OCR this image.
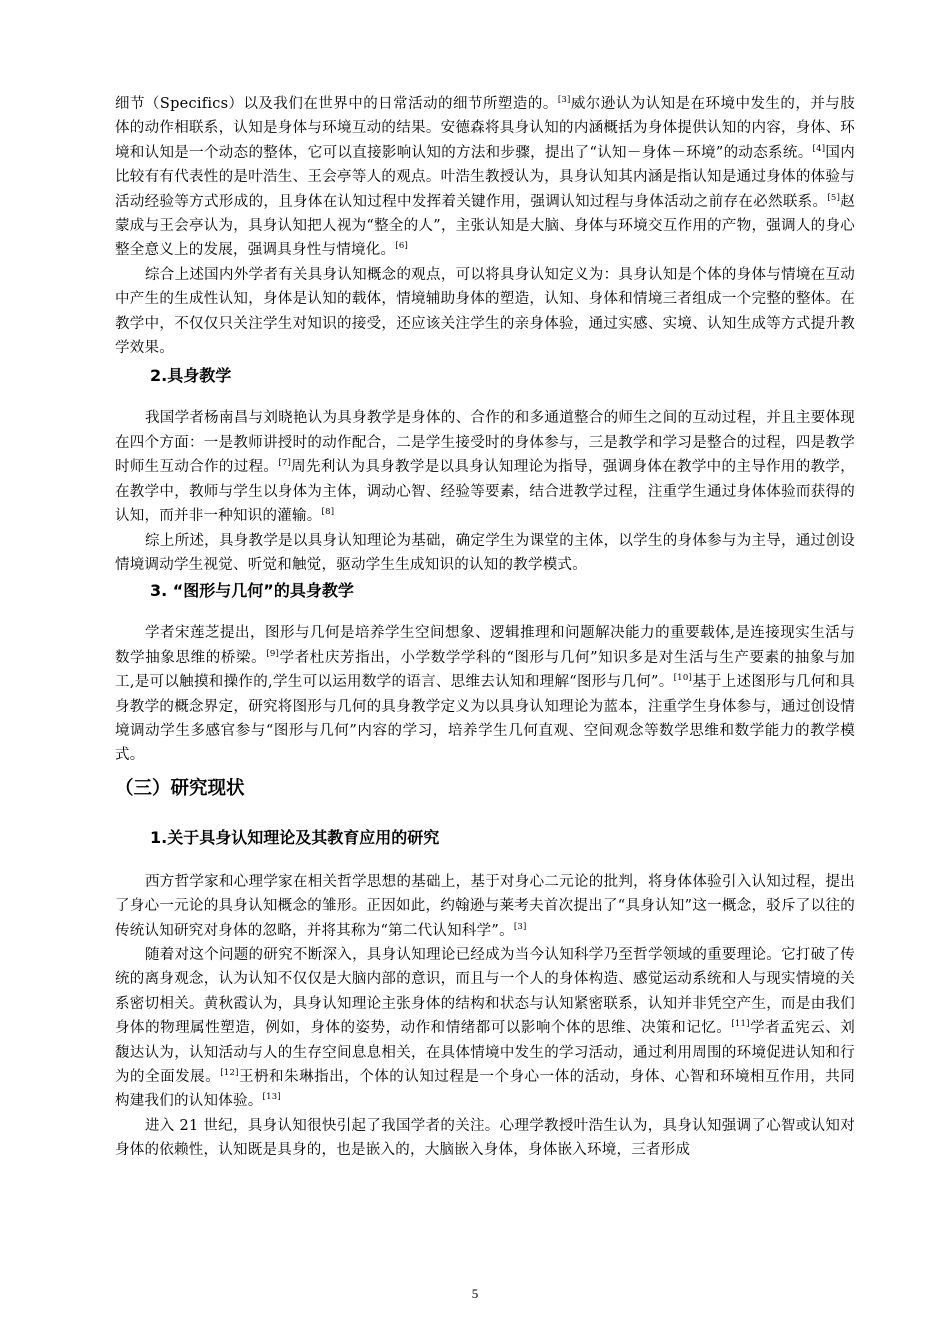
细节（Specifics）以及我们在世界中的日常活动的细节所塑造的。[3]威尔逊认为认知是在环境中发生的，并与肢体的动作相联系，认知是身体与环境互动的结果。安德森将具身认知的内涵概括为身体提供认知的内容，身体、环境和认知是一个动态的整体，它可以直接影响认知的方法和步骤，提出了“认知－身体－环境”的动态系统。[4]国内比较有有代表性的是叶浩生、王会亭等人的观点。叶浩生教授认为，具身认知其内涵是指认知是通过身体的体验与活动经验等方式形成的，且身体在认知过程中发挥着关键作用，强调认知过程与身体活动之前存在必然联系。[5]赵蒙成与王会亭认为，具身认知把人视为“整全的人”，主张认知是大脑、身体与环境交互作用的产物，强调人的身心整全意义上的发展，强调具身性与情境化。[6]

综合上述国内外学者有关具身认知概念的观点，可以将具身认知定义为：具身认知是个体的身体与情境在互动中产生的生成性认知，身体是认知的载体，情境辅助身体的塑造，认知、身体和情境三者组成一个完整的整体。在教学中，不仅仅只关注学生对知识的接受，还应该关注学生的亲身体验，通过实感、实境、认知生成等方式提升教学效果。

2.具身教学

我国学者杨南昌与刘晓艳认为具身教学是身体的、合作的和多通道整合的师生之间的互动过程，并且主要体现在四个方面：一是教师讲授时的动作配合，二是学生接受时的身体参与，三是教学和学习是整合的过程，四是教学时师生互动合作的过程。[7]周先利认为具身教学是以具身认知理论为指导，强调身体在教学中的主导作用的教学，在教学中，教师与学生以身体为主体，调动心智、经验等要素，结合进教学过程，注重学生通过身体体验而获得的认知，而并非一种知识的灌输。[8]

综上所述，具身教学是以具身认知理论为基础，确定学生为课堂的主体，以学生的身体参与为主导，通过创设情境调动学生视觉、听觉和触觉，驱动学生生成知识的认知的教学模式。

3. “图形与几何”的具身教学

学者宋莲芝提出，图形与几何是培养学生空间想象、逻辑推理和问题解决能力的重要载体,是连接现实生活与数学抽象思维的桥梁。[9]学者杜庆芳指出，小学数学学科的“图形与几何”知识多是对生活与生产要素的抽象与加工,是可以触摸和操作的,学生可以运用数学的语言、思维去认知和理解“图形与几何”。[10]基于上述图形与几何和具身教学的概念界定，研究将图形与几何的具身教学定义为以具身认知理论为蓝本，注重学生身体参与，通过创设情境调动学生多感官参与“图形与几何”内容的学习，培养学生几何直观、空间观念等数学思维和数学能力的教学模式。

（三）研究现状
1.关于具身认知理论及其教育应用的研究

西方哲学家和心理学家在相关哲学思想的基础上，基于对身心二元论的批判，将身体体验引入认知过程，提出了身心一元论的具身认知概念的雏形。正因如此，约翰逊与莱考夫首次提出了“具身认知”这一概念，驳斥了以往的传统认知研究对身体的忽略，并将其称为“第二代认知科学”。[3]

随着对这个问题的研究不断深入，具身认知理论已经成为当今认知科学乃至哲学领域的重要理论。它打破了传统的离身观念，认为认知不仅仅是大脑内部的意识，而且与一个人的身体构造、感觉运动系统和人与现实情境的关系密切相关。黄秋霞认为，具身认知理论主张身体的结构和状态与认知紧密联系，认知并非凭空产生，而是由我们身体的物理属性塑造，例如，身体的姿势，动作和情绪都可以影响个体的思维、决策和记忆。[11]学者孟宪云、刘馥达认为，认知活动与人的生存空间息息相关，在具体情境中发生的学习活动，通过利用周围的环境促进认知和行为的全面发展。[12]王枬和朱琳指出，个体的认知过程是一个身心一体的活动，身体、心智和环境相互作用，共同构建我们的认知体验。[13]

进入 21 世纪，具身认知很快引起了我国学者的关注。心理学教授叶浩生认为，具身认知强调了心智或认知对身体的依赖性，认知既是具身的，也是嵌入的，大脑嵌入身体，身体嵌入环境，三者形成

5
